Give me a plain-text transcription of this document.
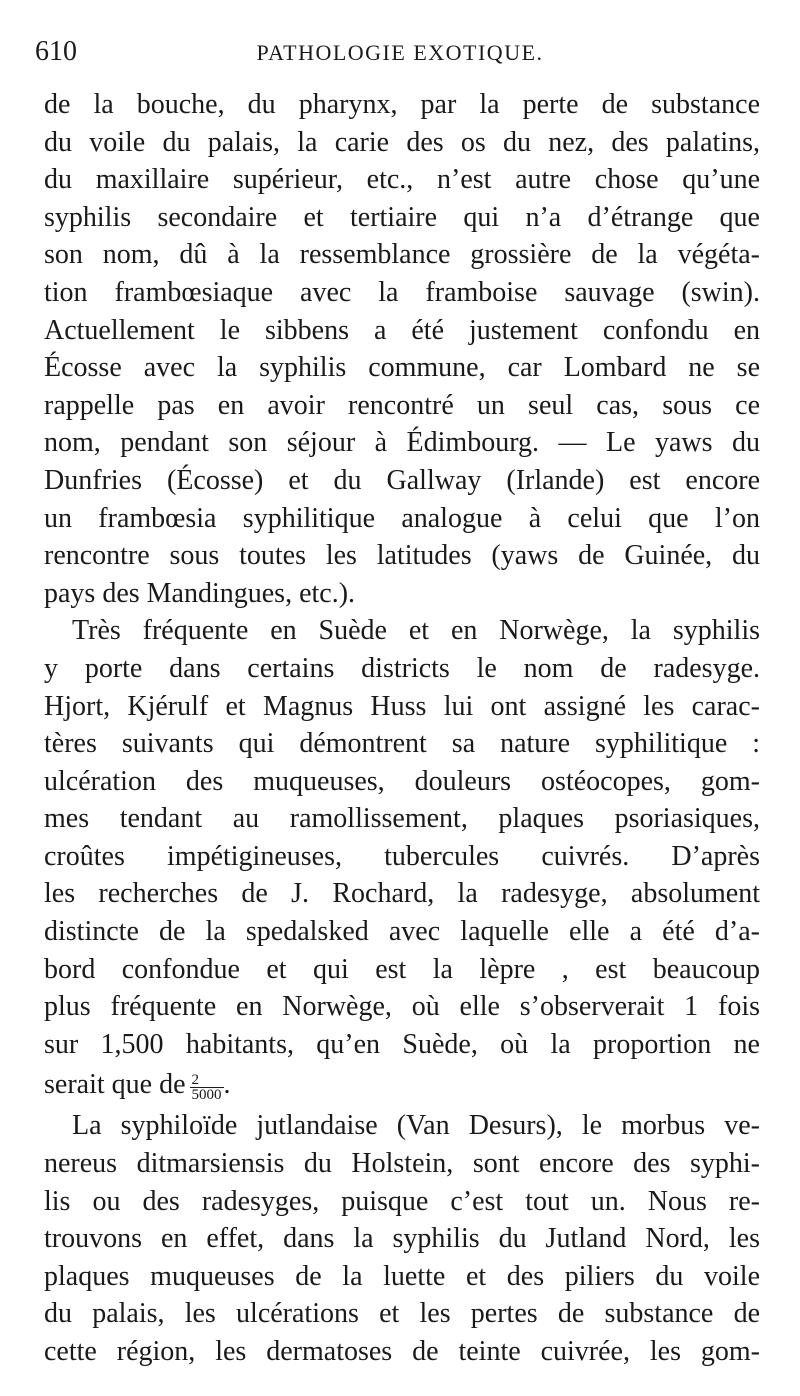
610	PATHOLOGIE EXOTIQUE.
de la bouche, du pharynx, par la perte de substance
du voile du palais, la carie des os du nez, des palatins,
du maxillaire supérieur, etc., n’est autre chose qu’une
syphilis secondaire et tertiaire qui n’a d’étrange que
son nom, dû à la ressemblance grossière de la végéta-
tion frambœsiaque avec la framboise sauvage (swin).
Actuellement le sibbens a été justement confondu en
Écosse avec la syphilis commune, car Lombard ne se
rappelle pas en avoir rencontré un seul cas, sous ce
nom, pendant son séjour à Édimbourg. — Le yaws du
Dunfries (Écosse) et du Gallway (Irlande) est encore
un frambœsia syphilitique analogue à celui que l’on
rencontre sous toutes les latitudes (yaws de Guinée, du
pays des Mandingues, etc.).
Très fréquente en Suède et en Norwège, la syphilis
y porte dans certains districts le nom de radesyge.
Hjort, Kjérulf et Magnus Huss lui ont assigné les carac-
tères suivants qui démontrent sa nature syphilitique :
ulcération des muqueuses, douleurs ostéocopes, gom-
mes tendant au ramollissement, plaques psoriasiques,
croûtes impétigineuses, tubercules cuivrés. D’après
les recherches de J. Rochard, la radesyge, absolument
distincte de la spedalsked avec laquelle elle a été d’a-
bord confondue et qui est la lèpre , est beaucoup
plus fréquente en Norwège, où elle s’observerait 1 fois
sur 1,500 habitants, qu’en Suède, où la proportion ne
serait que de $\frac{2}{5000}$ .
La syphiloïde jutlandaise (Van Desurs), le morbus ve-
nereus ditmarsiensis du Holstein, sont encore des syphi-
lis ou des radesyges, puisque c’est tout un. Nous re-
trouvons en effet, dans la syphilis du Jutland Nord, les
plaques muqueuses de la luette et des piliers du voile
du palais, les ulcérations et les pertes de substance de
cette région, les dermatoses de teinte cuivrée, les gom-
